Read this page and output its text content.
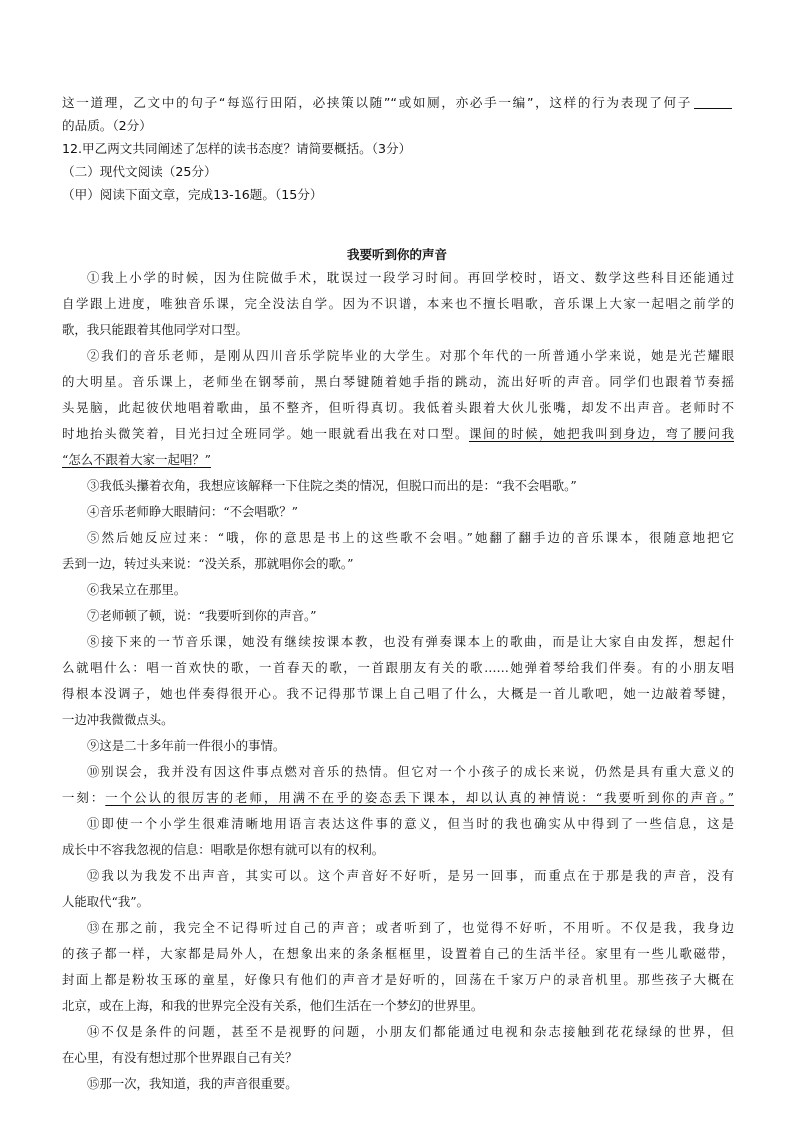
这一道理，乙文中的句子“每巡行田陌，必挟策以随”“或如厕，亦必手一编”，这样的行为表现了何子
的品质。（2分）
12.甲乙两文共同阐述了怎样的读书态度？请简要概括。（3分）
（二）现代文阅读（25分）
（甲）阅读下面文章，完成13-16题。（15分）
我要听到你的声音
①我上小学的时候，因为住院做手术，耽误过一段学习时间。再回学校时，语文、数学这些科目还能通过
自学跟上进度，唯独音乐课，完全没法自学。因为不识谱，本来也不擅长唱歌，音乐课上大家一起唱之前学的
歌，我只能跟着其他同学对口型。
②我们的音乐老师，是刚从四川音乐学院毕业的大学生。对那个年代的一所普通小学来说，她是光芒耀眼
的大明星。音乐课上，老师坐在钢琴前，黑白琴键随着她手指的跳动，流出好听的声音。同学们也跟着节奏摇
头晃脑，此起彼伏地唱着歌曲，虽不整齐，但听得真切。我低着头跟着大伙儿张嘴，却发不出声音。老师时不
时地抬头微笑着，目光扫过全班同学。她一眼就看出我在对口型。课间的时候，她把我叫到身边，弯了腰问我
“怎么不跟着大家一起唱？”
③我低头攥着衣角，我想应该解释一下住院之类的情况，但脱口而出的是：“我不会唱歌。”
④音乐老师睁大眼睛问：“不会唱歌？”
⑤然后她反应过来：“哦，你的意思是书上的这些歌不会唱。”她翻了翻手边的音乐课本，很随意地把它
丢到一边，转过头来说：“没关系，那就唱你会的歌。”
⑥我呆立在那里。
⑦老师顿了顿，说：“我要听到你的声音。”
⑧接下来的一节音乐课，她没有继续按课本教，也没有弹奏课本上的歌曲，而是让大家自由发挥，想起什
么就唱什么：唱一首欢快的歌，一首春天的歌，一首跟朋友有关的歌……她弹着琴给我们伴奏。有的小朋友唱
得根本没调子，她也伴奏得很开心。我不记得那节课上自己唱了什么，大概是一首儿歌吧，她一边敲着琴键，
一边冲我微微点头。
⑨这是二十多年前一件很小的事情。
⑩别误会，我并没有因这件事点燃对音乐的热情。但它对一个小孩子的成长来说，仍然是具有重大意义的
一刻：一个公认的很厉害的老师，用满不在乎的姿态丢下课本，却以认真的神情说：“我要听到你的声音。”
⑪即使一个小学生很难清晰地用语言表达这件事的意义，但当时的我也确实从中得到了一些信息，这是
成长中不容我忽视的信息：唱歌是你想有就可以有的权利。
⑫我以为我发不出声音，其实可以。这个声音好不好听，是另一回事，而重点在于那是我的声音，没有
人能取代“我”。
⑬在那之前，我完全不记得听过自己的声音；或者听到了，也觉得不好听，不用听。不仅是我，我身边
的孩子都一样，大家都是局外人，在想象出来的条条框框里，设置着自己的生活半径。家里有一些儿歌磁带，
封面上都是粉妆玉琢的童星，好像只有他们的声音才是好听的，回荡在千家万户的录音机里。那些孩子大概在
北京，或在上海，和我的世界完全没有关系，他们生活在一个梦幻的世界里。
⑭不仅是条件的问题，甚至不是视野的问题，小朋友们都能通过电视和杂志接触到花花绿绿的世界，但
在心里，有没有想过那个世界跟自己有关？
⑮那一次，我知道，我的声音很重要。
